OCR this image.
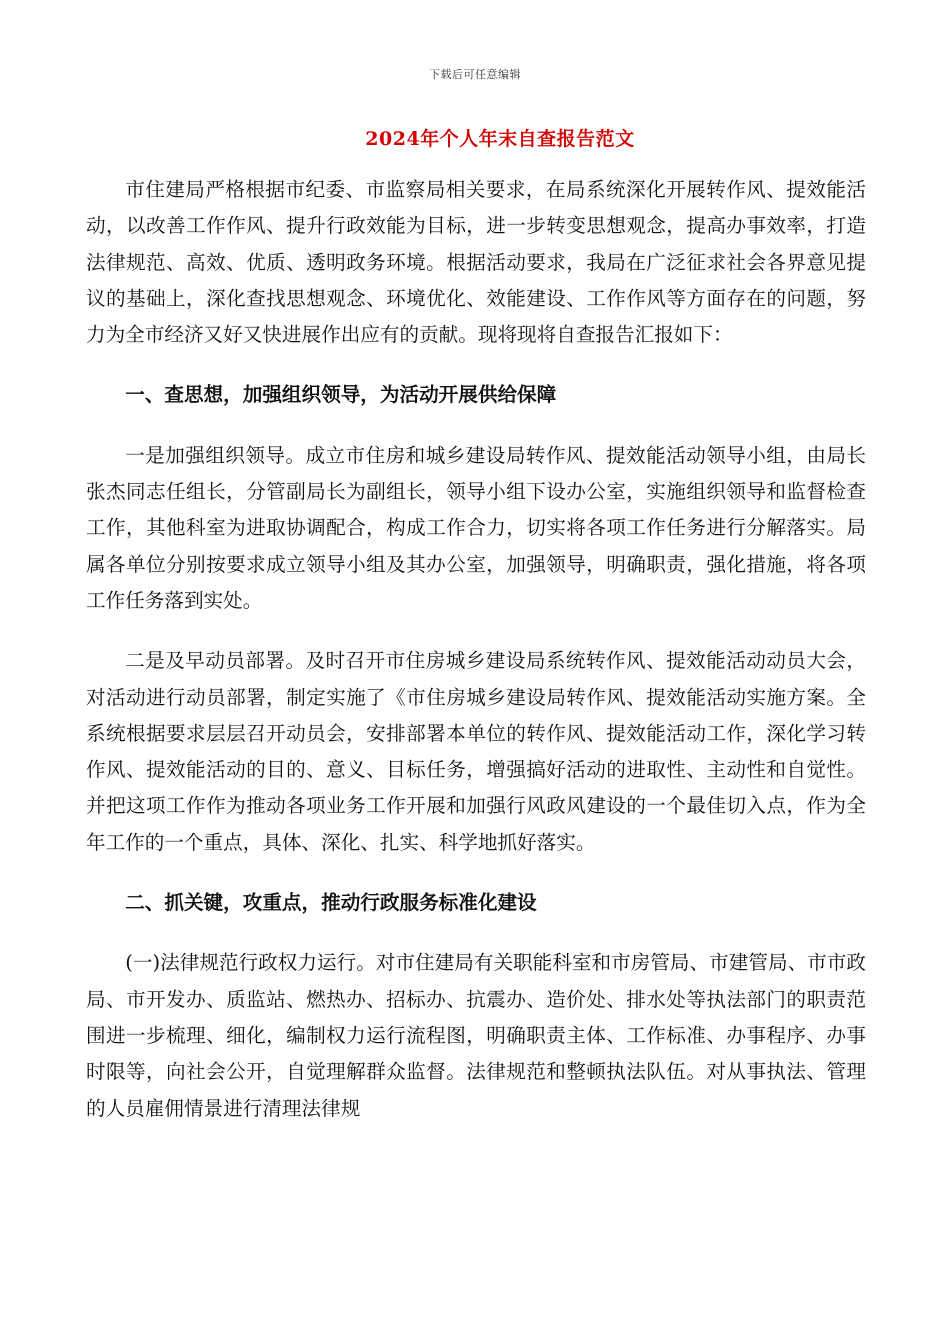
下载后可任意编辑
2024年个人年末自查报告范文

市住建局严格根据市纪委、市监察局相关要求，在局系统深化开展转作风、提效能活动，以改善工作作风、提升行政效能为目标，进一步转变思想观念，提高办事效率，打造法律规范、高效、优质、透明政务环境。根据活动要求，我局在广泛征求社会各界意见提议的基础上，深化查找思想观念、环境优化、效能建设、工作作风等方面存在的问题，努力为全市经济又好又快进展作出应有的贡献。现将现将自查报告汇报如下：

一、查思想，加强组织领导，为活动开展供给保障

一是加强组织领导。成立市住房和城乡建设局转作风、提效能活动领导小组，由局长张杰同志任组长，分管副局长为副组长，领导小组下设办公室，实施组织领导和监督检查工作，其他科室为进取协调配合，构成工作合力，切实将各项工作任务进行分解落实。局属各单位分别按要求成立领导小组及其办公室，加强领导，明确职责，强化措施，将各项工作任务落到实处。

二是及早动员部署。及时召开市住房城乡建设局系统转作风、提效能活动动员大会，对活动进行动员部署，制定实施了《市住房城乡建设局转作风、提效能活动实施方案。全系统根据要求层层召开动员会，安排部署本单位的转作风、提效能活动工作，深化学习转作风、提效能活动的目的、意义、目标任务，增强搞好活动的进取性、主动性和自觉性。并把这项工作作为推动各项业务工作开展和加强行风政风建设的一个最佳切入点，作为全年工作的一个重点，具体、深化、扎实、科学地抓好落实。

二、抓关键，攻重点，推动行政服务标准化建设

(一)法律规范行政权力运行。对市住建局有关职能科室和市房管局、市建管局、市市政局、市开发办、质监站、燃热办、招标办、抗震办、造价处、排水处等执法部门的职责范围进一步梳理、细化，编制权力运行流程图，明确职责主体、工作标准、办事程序、办事时限等，向社会公开，自觉理解群众监督。法律规范和整顿执法队伍。对从事执法、管理的人员雇佣情景进行清理法律规
